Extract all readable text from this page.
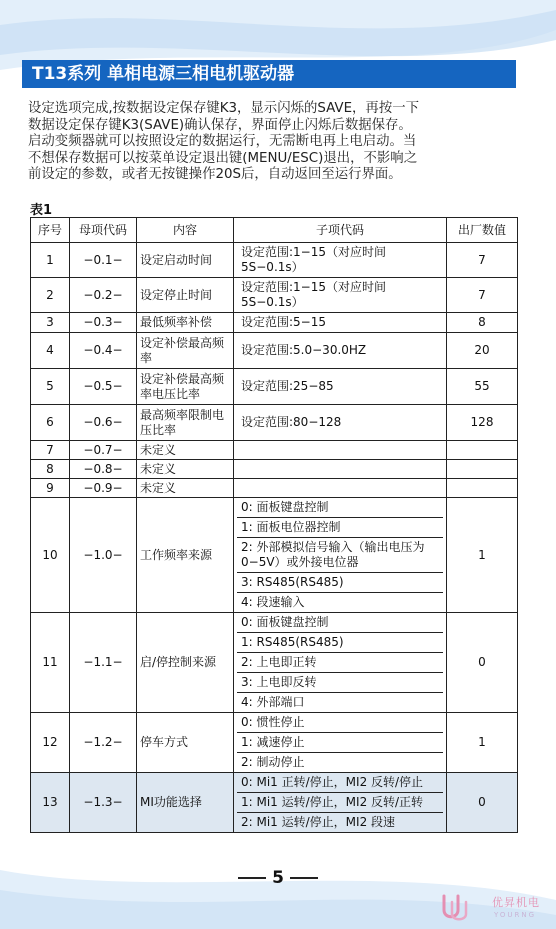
T13系列 单相电源三相电机驱动器

设定选项完成,按数据设定保存键K3，显示闪烁的SAVE，再按一下

数据设定保存键K3(SAVE)确认保存，界面停止闪烁后数据保存。

启动变频器就可以按照设定的数据运行，无需断电再上电启动。当

不想保存数据可以按菜单设定退出键(MENU/ESC)退出，不影响之

前设定的参数，或者无按键操作20S后，自动返回至运行界面。

表1
序号	母项代码	内容	子项代码	出厂数值
1	−0.1−	设定启动时间	设定范围:1−15（对应时间5S−0.1s）	7
2	−0.2−	设定停止时间	设定范围:1−15（对应时间5S−0.1s）	7
3	−0.3−	最低频率补偿	设定范围:5−15	8
4	−0.4−	设定补偿最高频率	设定范围:5.0−30.0HZ	20
5	−0.5−	设定补偿最高频率电压比率	设定范围:25−85	55
6	−0.6−	最高频率限制电压比率	设定范围:80−128	128
7	−0.7−	未定义	

8	−0.8−	未定义	

9	−0.9−	未定义	

10	−1.0−	工作频率来源	0: 面板键盘控制
1: 面板电位器控制
2: 外部模拟信号输入（输出电压为0−5V）或外接电位器
3: RS485(RS485)
4: 段速输入	1
11	−1.1−	启/停控制来源	0: 面板键盘控制
1: RS485(RS485)
2: 上电即正转
3: 上电即反转
4: 外部端口	0
12	−1.2−	停车方式	0: 惯性停止
1: 减速停止
2: 制动停止	1
13	−1.3−	MI功能选择	0: Mi1 正转/停止，MI2 反转/停止
1: Mi1 运转/停止，MI2 反转/正转
2: Mi1 运转/停止，MI2 段速	0
5
优昇机电
YOURNG
